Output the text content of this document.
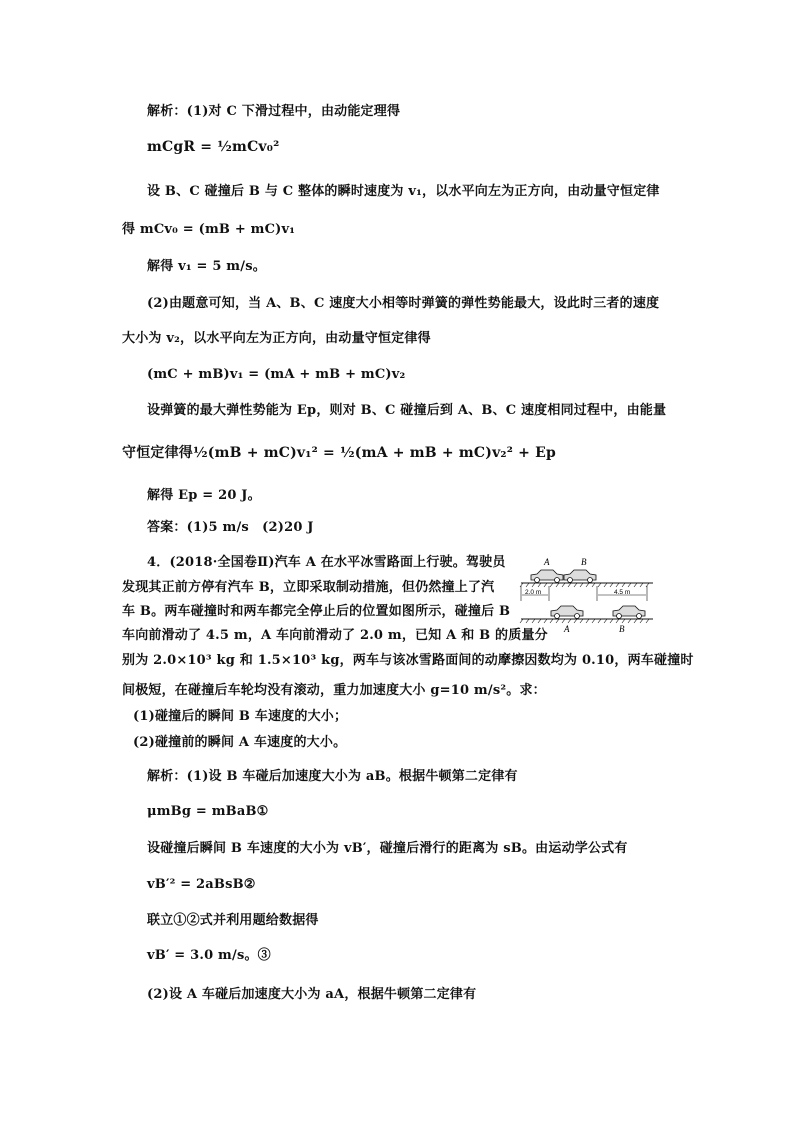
解析：(1)对 C 下滑过程中，由动能定理得
mCgR = ½mCv₀²
设 B、C 碰撞后 B 与 C 整体的瞬时速度为 v₁，以水平向左为正方向，由动量守恒定律
得 mCv₀ = (mB + mC)v₁
解得 v₁ = 5 m/s。
(2)由题意可知，当 A、B、C 速度大小相等时弹簧的弹性势能最大，设此时三者的速度
大小为 v₂，以水平向左为正方向，由动量守恒定律得
(mC + mB)v₁ = (mA + mB + mC)v₂
设弹簧的最大弹性势能为 Ep，则对 B、C 碰撞后到 A、B、C 速度相同过程中，由能量
守恒定律得½(mB + mC)v₁² = ½(mA + mB + mC)v₂² + Ep
解得 Ep = 20 J。
答案：(1)5 m/s　(2)20 J
4．(2018·全国卷Ⅱ)汽车 A 在水平冰雪路面上行驶。驾驶员
发现其正前方停有汽车 B，立即采取制动措施，但仍然撞上了汽
车 B。两车碰撞时和两车都完全停止后的位置如图所示，碰撞后 B
车向前滑动了 4.5 m，A 车向前滑动了 2.0 m，已知 A 和 B 的质量分
别为 2.0×10³ kg 和 1.5×10³ kg，两车与该冰雪路面间的动摩擦因数均为 0.10，两车碰撞时
间极短，在碰撞后车轮均没有滚动，重力加速度大小 g=10 m/s²。求：
(1)碰撞后的瞬间 B 车速度的大小；
(2)碰撞前的瞬间 A 车速度的大小。
解析：(1)设 B 车碰后加速度大小为 aB。根据牛顿第二定律有
μmBg = mBaB①
设碰撞后瞬间 B 车速度的大小为 vB′，碰撞后滑行的距离为 sB。由运动学公式有
vB′² = 2aBsB②
联立①②式并利用题给数据得
vB′ = 3.0 m/s。③
(2)设 A 车碰后加速度大小为 aA，根据牛顿第二定律有
A	B
2.0 m	4.5 m
A	B
